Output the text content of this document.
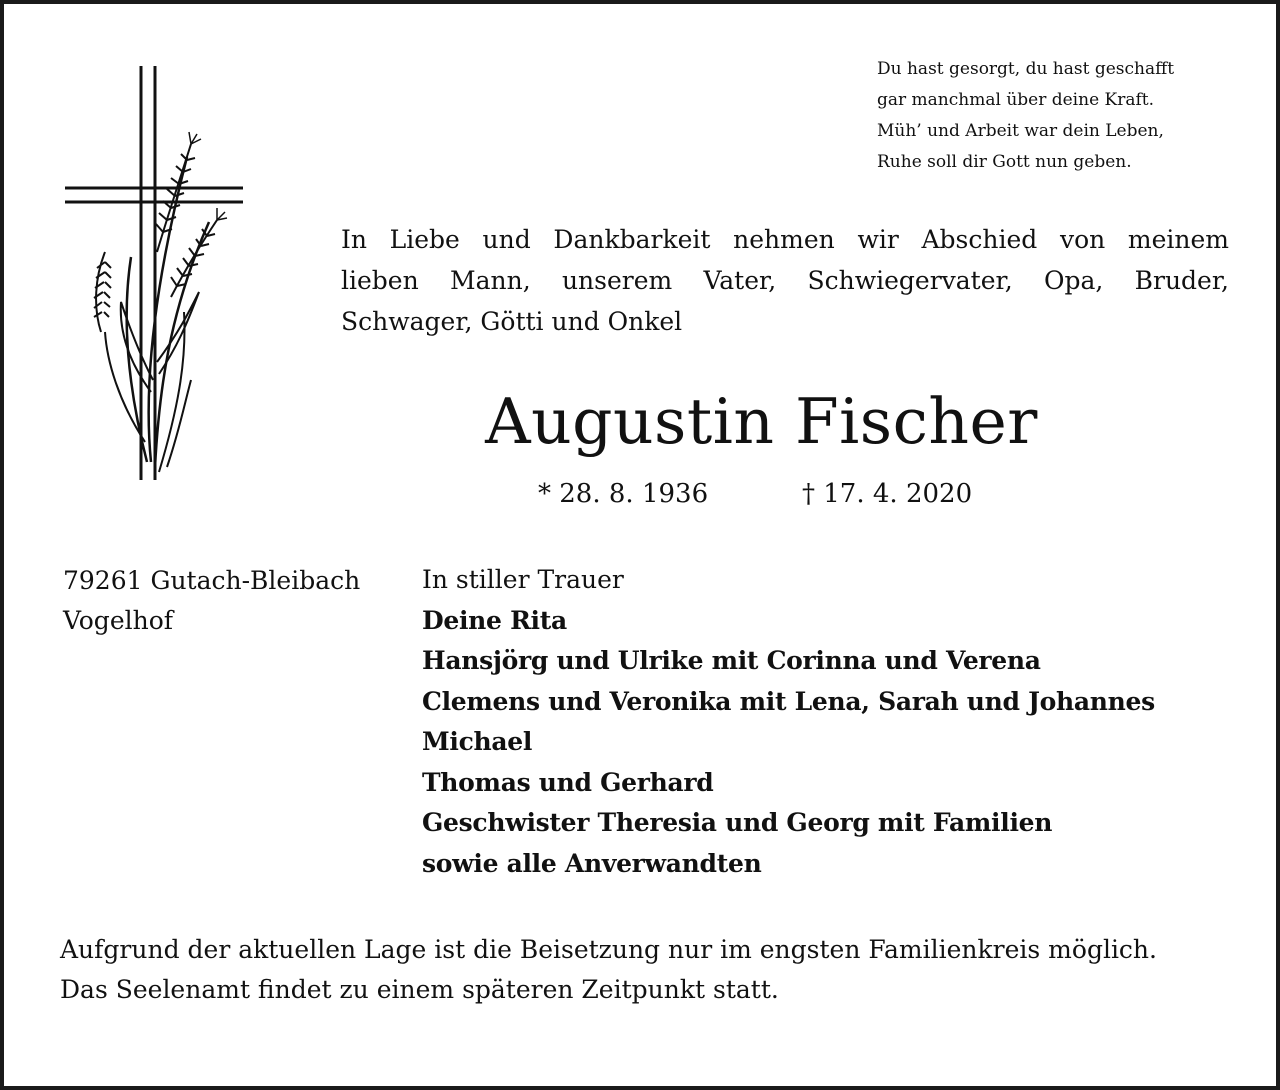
Du hast gesorgt, du hast geschafft
gar manchmal über deine Kraft.
Müh’ und Arbeit war dein Leben,
Ruhe soll dir Gott nun geben.
In Liebe und Dankbarkeit nehmen wir Abschied von meinem
lieben Mann, unserem Vater, Schwiegervater, Opa, Bruder,
Schwager, Götti und Onkel
Augustin Fischer
* 28. 8. 1936	† 17. 4. 2020
79261 Gutach-Bleibach
Vogelhof
In stiller Trauer
Deine Rita
Hansjörg und Ulrike mit Corinna und Verena
Clemens und Veronika mit Lena, Sarah und Johannes
Michael
Thomas und Gerhard
Geschwister Theresia und Georg mit Familien
sowie alle Anverwandten
Aufgrund der aktuellen Lage ist die Beisetzung nur im engsten Familienkreis möglich.
Das Seelenamt findet zu einem späteren Zeitpunkt statt.
